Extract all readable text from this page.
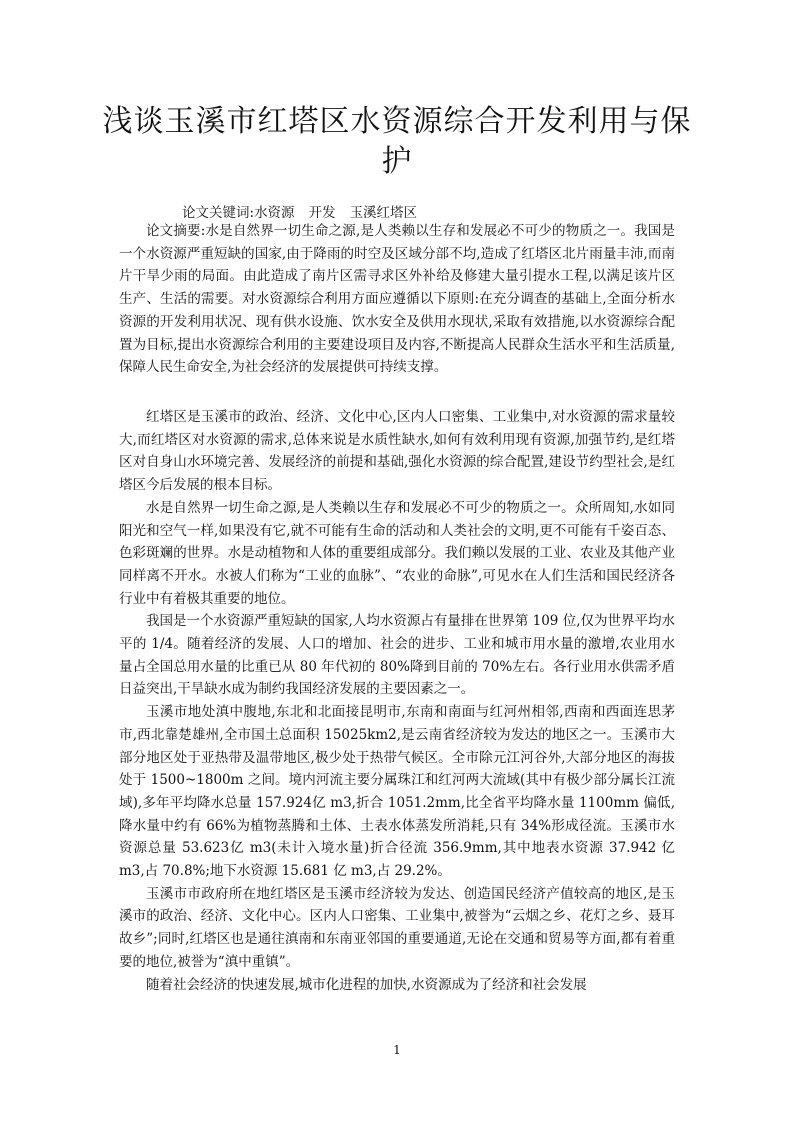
浅谈玉溪市红塔区水资源综合开发利用与保护
论文关键词:水资源 开发 玉溪红塔区

论文摘要:水是自然界一切生命之源,是人类赖以生存和发展必不可少的物质之一。我国是一个水资源严重短缺的国家,由于降雨的时空及区域分部不均,造成了红塔区北片雨量丰沛,而南片干旱少雨的局面。由此造成了南片区需寻求区外补给及修建大量引提水工程,以满足该片区生产、生活的需要。对水资源综合利用方面应遵循以下原则:在充分调查的基础上,全面分析水资源的开发利用状况、现有供水设施、饮水安全及供用水现状,采取有效措施,以水资源综合配置为目标,提出水资源综合利用的主要建设项目及内容,不断提高人民群众生活水平和生活质量,保障人民生命安全,为社会经济的发展提供可持续支撑。

红塔区是玉溪市的政治、经济、文化中心,区内人口密集、工业集中,对水资源的需求量较大,而红塔区对水资源的需求,总体来说是水质性缺水,如何有效利用现有资源,加强节约,是红塔区对自身山水环境完善、发展经济的前提和基础,强化水资源的综合配置,建设节约型社会,是红塔区今后发展的根本目标。

水是自然界一切生命之源,是人类赖以生存和发展必不可少的物质之一。众所周知,水如同阳光和空气一样,如果没有它,就不可能有生命的活动和人类社会的文明,更不可能有千姿百态、色彩斑斓的世界。水是动植物和人体的重要组成部分。我们赖以发展的工业、农业及其他产业同样离不开水。水被人们称为“工业的血脉”、“农业的命脉”,可见水在人们生活和国民经济各行业中有着极其重要的地位。

我国是一个水资源严重短缺的国家,人均水资源占有量排在世界第 109 位,仅为世界平均水平的 1/4。随着经济的发展、人口的增加、社会的进步、工业和城市用水量的激增,农业用水量占全国总用水量的比重已从 80 年代初的 80%降到目前的 70%左右。各行业用水供需矛盾日益突出,干旱缺水成为制约我国经济发展的主要因素之一。

玉溪市地处滇中腹地,东北和北面接昆明市,东南和南面与红河州相邻,西南和西面连思茅市,西北靠楚雄州,全市国土总面积 15025km2,是云南省经济较为发达的地区之一。玉溪市大部分地区处于亚热带及温带地区,极少处于热带气候区。全市除元江河谷外,大部分地区的海拔处于 1500~1800m 之间。境内河流主要分属珠江和红河两大流域(其中有极少部分属长江流域),多年平均降水总量 157.924亿 m3,折合 1051.2mm,比全省平均降水量 1100mm 偏低,降水量中约有 66%为植物蒸腾和土体、土表水体蒸发所消耗,只有 34%形成径流。玉溪市水资源总量 53.623亿 m3(未计入境水量)折合径流 356.9mm,其中地表水资源 37.942 亿 m3,占 70.8%;地下水资源 15.681 亿 m3,占 29.2%。

玉溪市市政府所在地红塔区是玉溪市经济较为发达、创造国民经济产值较高的地区,是玉溪市的政治、经济、文化中心。区内人口密集、工业集中,被誉为“云烟之乡、花灯之乡、聂耳故乡”;同时,红塔区也是通往滇南和东南亚邻国的重要通道,无论在交通和贸易等方面,都有着重要的地位,被誉为“滇中重镇”。

随着社会经济的快速发展,城市化进程的加快,水资源成为了经济和社会发展

1
